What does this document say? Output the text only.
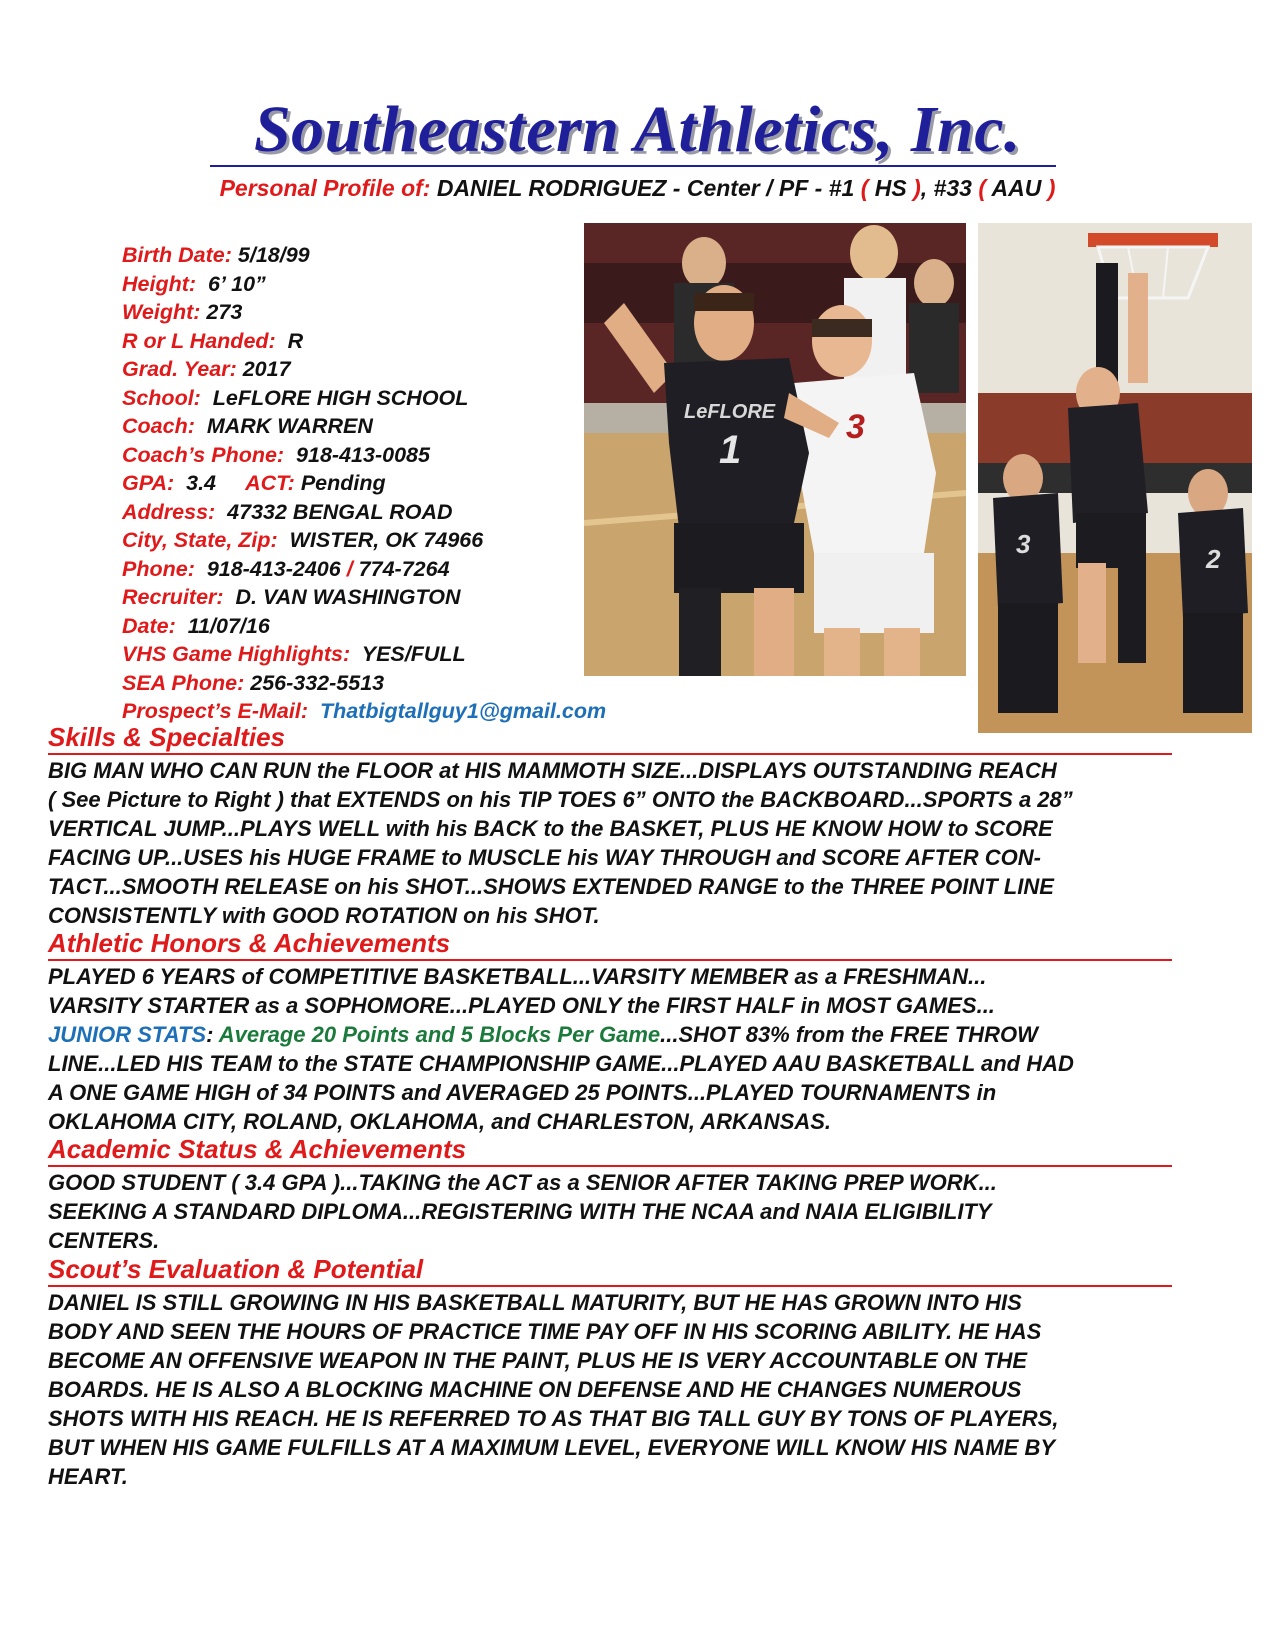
Southeastern Athletics, Inc.
Personal Profile of: DANIEL RODRIGUEZ - Center / PF - #1 ( HS ), #33 ( AAU )
Birth Date: 5/18/99
Height: 6’ 10”
Weight: 273
R or L Handed: R
Grad. Year: 2017
School: LeFLORE HIGH SCHOOL
Coach: MARK WARREN
Coach’s Phone: 918-413-0085
GPA: 3.4 ACT: Pending
Address: 47332 BENGAL ROAD
City, State, Zip: WISTER, OK 74966
Phone: 918-413-2406 / 774-7264
Recruiter: D. VAN WASHINGTON
Date: 11/07/16
VHS Game Highlights: YES/FULL
SEA Phone: 256-332-5513
Prospect’s E-Mail: Thatbigtallguy1@gmail.com
3
LeFLORE
1
3	2
Skills & Specialties
BIG MAN WHO CAN RUN the FLOOR at HIS MAMMOTH SIZE...DISPLAYS OUTSTANDING REACH
( See Picture to Right ) that EXTENDS on his TIP TOES 6” ONTO the BACKBOARD...SPORTS a 28”
VERTICAL JUMP...PLAYS WELL with his BACK to the BASKET, PLUS HE KNOW HOW to SCORE
FACING UP...USES his HUGE FRAME to MUSCLE his WAY THROUGH and SCORE AFTER CON-
TACT...SMOOTH RELEASE on his SHOT...SHOWS EXTENDED RANGE to the THREE POINT LINE
CONSISTENTLY with GOOD ROTATION on his SHOT.
Athletic Honors & Achievements
PLAYED 6 YEARS of COMPETITIVE BASKETBALL...VARSITY MEMBER as a FRESHMAN...
VARSITY STARTER as a SOPHOMORE...PLAYED ONLY the FIRST HALF in MOST GAMES...
JUNIOR STATS: Average 20 Points and 5 Blocks Per Game...SHOT 83% from the FREE THROW
LINE...LED HIS TEAM to the STATE CHAMPIONSHIP GAME...PLAYED AAU BASKETBALL and HAD
A ONE GAME HIGH of 34 POINTS and AVERAGED 25 POINTS...PLAYED TOURNAMENTS in
OKLAHOMA CITY, ROLAND, OKLAHOMA, and CHARLESTON, ARKANSAS.
Academic Status & Achievements
GOOD STUDENT ( 3.4 GPA )...TAKING the ACT as a SENIOR AFTER TAKING PREP WORK...
SEEKING A STANDARD DIPLOMA...REGISTERING WITH THE NCAA and NAIA ELIGIBILITY
CENTERS.
Scout’s Evaluation & Potential
DANIEL IS STILL GROWING IN HIS BASKETBALL MATURITY, BUT HE HAS GROWN INTO HIS
BODY AND SEEN THE HOURS OF PRACTICE TIME PAY OFF IN HIS SCORING ABILITY. HE HAS
BECOME AN OFFENSIVE WEAPON IN THE PAINT, PLUS HE IS VERY ACCOUNTABLE ON THE
BOARDS. HE IS ALSO A BLOCKING MACHINE ON DEFENSE AND HE CHANGES NUMEROUS
SHOTS WITH HIS REACH. HE IS REFERRED TO AS THAT BIG TALL GUY BY TONS OF PLAYERS,
BUT WHEN HIS GAME FULFILLS AT A MAXIMUM LEVEL, EVERYONE WILL KNOW HIS NAME BY
HEART.
